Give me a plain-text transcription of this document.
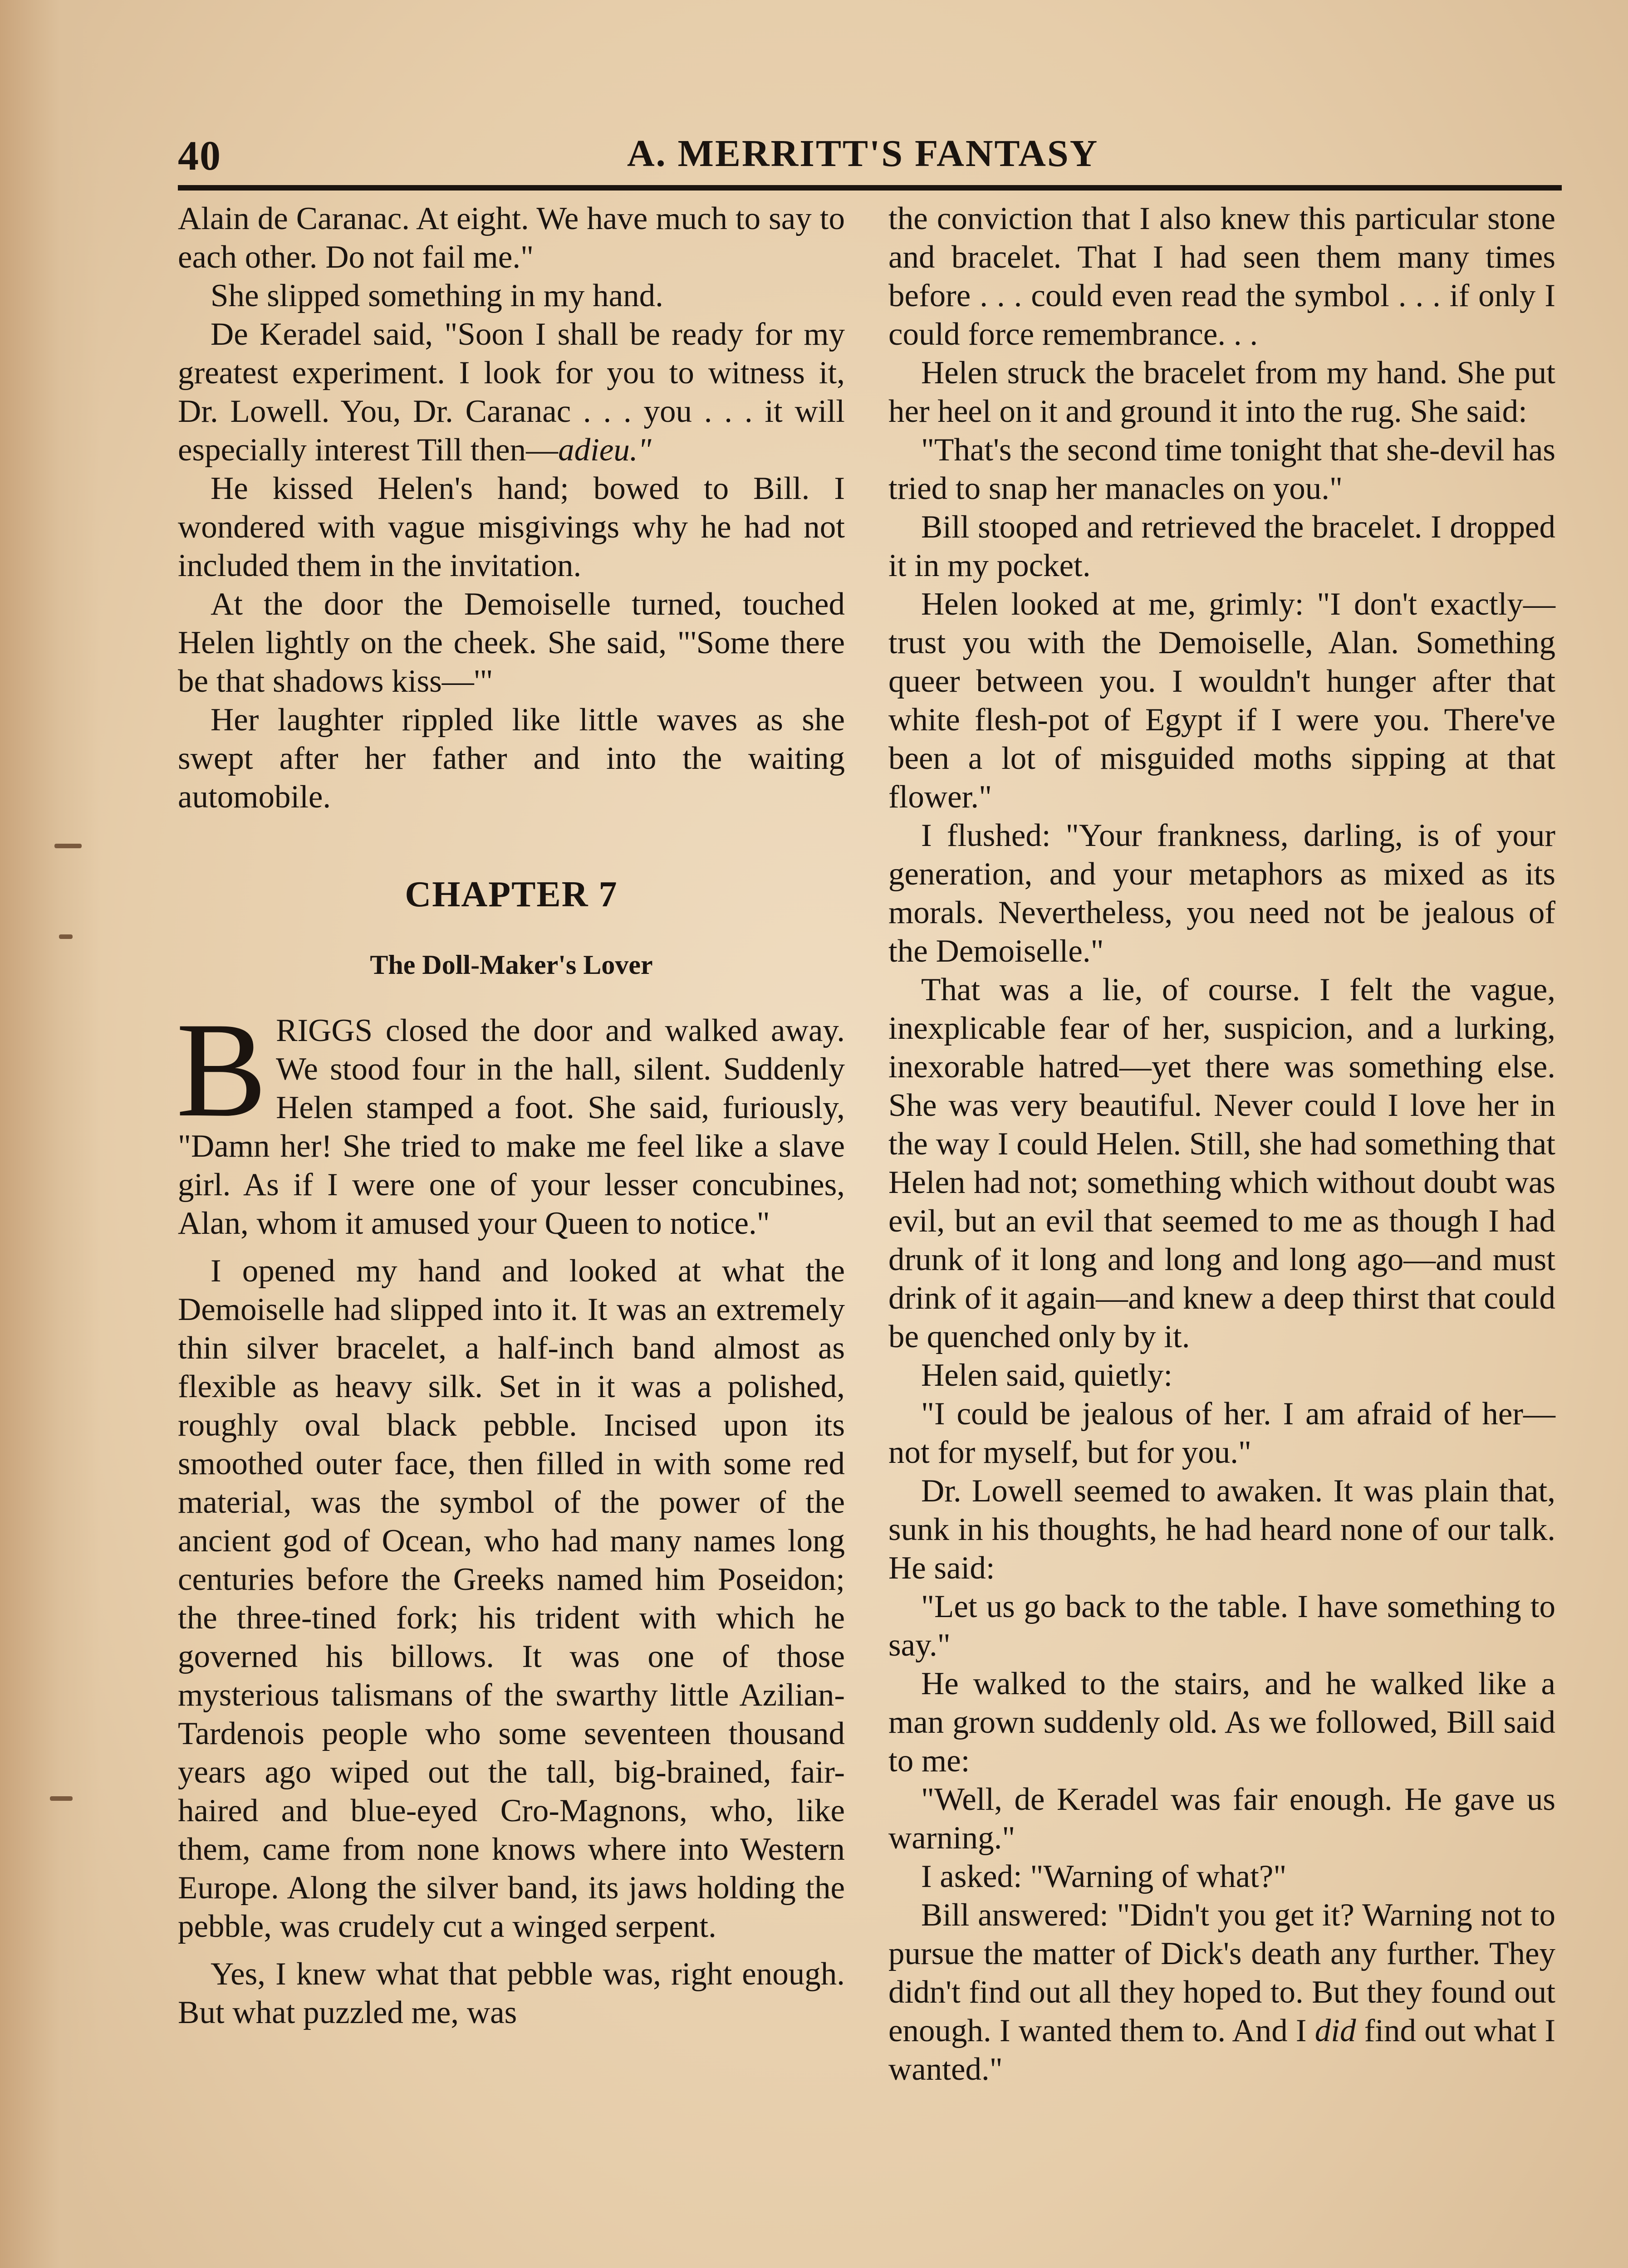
40	A. MERRITT'S FANTASY

Alain de Caranac. At eight. We have much to say to each other. Do not fail me."

She slipped something in my hand.

De Keradel said, "Soon I shall be ready for my greatest experiment. I look for you to witness it, Dr. Lowell. You, Dr. Caranac . . . you . . . it will especially interest Till then—adieu."

He kissed Helen's hand; bowed to Bill. I wondered with vague misgivings why he had not included them in the invitation.

At the door the Demoiselle turned, touched Helen lightly on the cheek. She said, "'Some there be that shadows kiss—'"

Her laughter rippled like little waves as she swept after her father and into the waiting automobile.

CHAPTER 7
The Doll-Maker's Lover

BRIGGS closed the door and walked away. We stood four in the hall, silent. Suddenly Helen stamped a foot. She said, furiously, "Damn her! She tried to make me feel like a slave girl. As if I were one of your lesser concubines, Alan, whom it amused your Queen to notice."

I opened my hand and looked at what the Demoiselle had slipped into it. It was an extremely thin silver bracelet, a half-inch band almost as flexible as heavy silk. Set in it was a polished, roughly oval black pebble. Incised upon its smoothed outer face, then filled in with some red material, was the symbol of the power of the ancient god of Ocean, who had many names long centuries before the Greeks named him Poseidon; the three-tined fork; his trident with which he governed his billows. It was one of those mysterious talismans of the swarthy little Azilian-Tardenois people who some seventeen thousand years ago wiped out the tall, big-brained, fair-haired and blue-eyed Cro-Magnons, who, like them, came from none knows where into Western Europe. Along the silver band, its jaws holding the pebble, was crudely cut a winged serpent.

Yes, I knew what that pebble was, right enough. But what puzzled me, was

the conviction that I also knew this particular stone and bracelet. That I had seen them many times before . . . could even read the symbol . . . if only I could force remembrance. . .

Helen struck the bracelet from my hand. She put her heel on it and ground it into the rug. She said:

"That's the second time tonight that she-devil has tried to snap her manacles on you."

Bill stooped and retrieved the bracelet. I dropped it in my pocket.

Helen looked at me, grimly: "I don't exactly—trust you with the Demoiselle, Alan. Something queer between you. I wouldn't hunger after that white flesh-pot of Egypt if I were you. There've been a lot of misguided moths sipping at that flower."

I flushed: "Your frankness, darling, is of your generation, and your metaphors as mixed as its morals. Nevertheless, you need not be jealous of the Demoiselle."

That was a lie, of course. I felt the vague, inexplicable fear of her, suspicion, and a lurking, inexorable hatred—yet there was something else. She was very beautiful. Never could I love her in the way I could Helen. Still, she had something that Helen had not; something which without doubt was evil, but an evil that seemed to me as though I had drunk of it long and long and long ago—and must drink of it again—and knew a deep thirst that could be quenched only by it.

Helen said, quietly:

"I could be jealous of her. I am afraid of her—not for myself, but for you."

Dr. Lowell seemed to awaken. It was plain that, sunk in his thoughts, he had heard none of our talk. He said:

"Let us go back to the table. I have something to say."

He walked to the stairs, and he walked like a man grown suddenly old. As we followed, Bill said to me:

"Well, de Keradel was fair enough. He gave us warning."

I asked: "Warning of what?"

Bill answered: "Didn't you get it? Warning not to pursue the matter of Dick's death any further. They didn't find out all they hoped to. But they found out enough. I wanted them to. And I did find out what I wanted."
